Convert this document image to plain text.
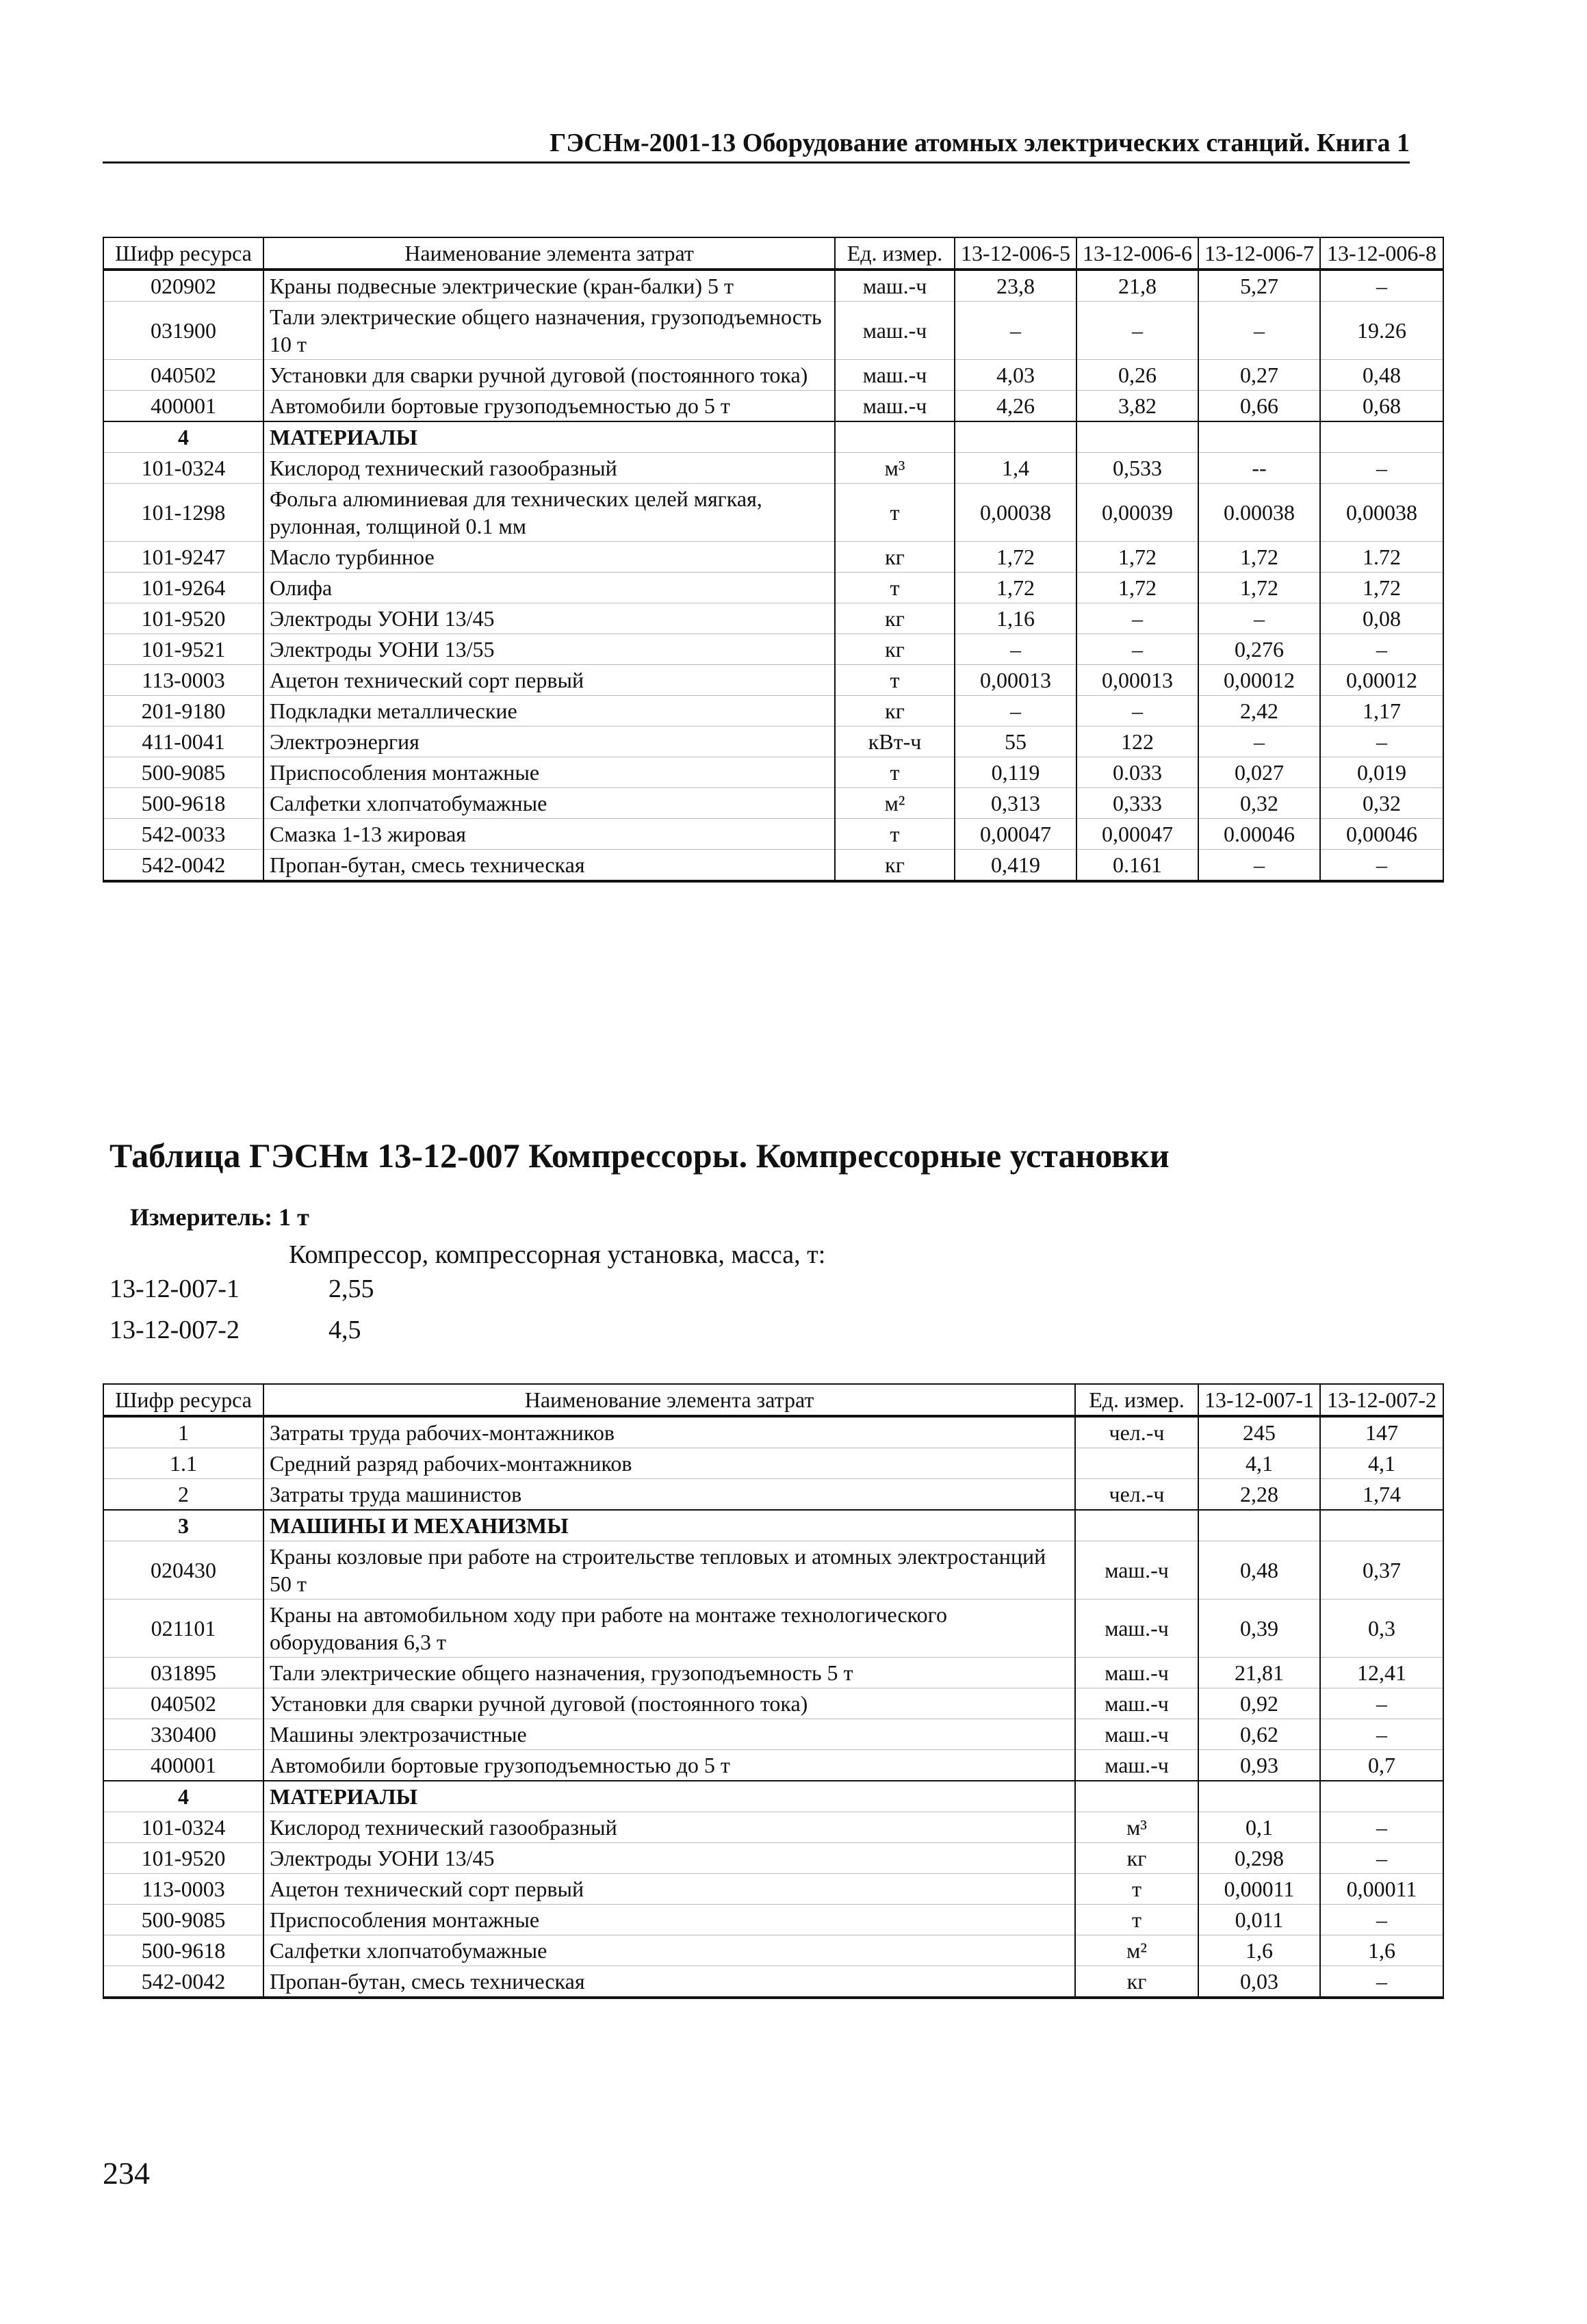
ГЭСНм-2001-13 Оборудование атомных электрических станций. Книга 1
Шифр ресурса	Наименование элемента затрат	Ед. измер.	13-12-006-5	13-12-006-6	13-12-006-7	13-12-006-8
020902	Краны подвесные электрические (кран-балки) 5 т	маш.-ч	23,8	21,8	5,27	–
031900	Тали электрические общего назначения, грузоподъемность 10 т	маш.-ч	–	–	–	19.26
040502	Установки для сварки ручной дуговой (постоянного тока)	маш.-ч	4,03	0,26	0,27	0,48
400001	Автомобили бортовые грузоподъемностью до 5 т	маш.-ч	4,26	3,82	0,66	0,68
4	МАТЕРИАЛЫ					
101-0324	Кислород технический газообразный	м³	1,4	0,533	--	–
101-1298	Фольга алюминиевая для технических целей мягкая, рулонная, толщиной 0.1 мм	т	0,00038	0,00039	0.00038	0,00038
101-9247	Масло турбинное	кг	1,72	1,72	1,72	1.72
101-9264	Олифа	т	1,72	1,72	1,72	1,72
101-9520	Электроды УОНИ 13/45	кг	1,16	–	–	0,08
101-9521	Электроды УОНИ 13/55	кг	–	–	0,276	–
113-0003	Ацетон технический сорт первый	т	0,00013	0,00013	0,00012	0,00012
201-9180	Подкладки металлические	кг	–	–	2,42	1,17
411-0041	Электроэнергия	кВт-ч	55	122	–	–
500-9085	Приспособления монтажные	т	0,119	0.033	0,027	0,019
500-9618	Салфетки хлопчатобумажные	м²	0,313	0,333	0,32	0,32
542-0033	Смазка 1-13 жировая	т	0,00047	0,00047	0.00046	0,00046
542-0042	Пропан-бутан, смесь техническая	кг	0,419	0.161	–	–
Таблица ГЭСНм 13-12-007 Компрессоры. Компрессорные установки
Измеритель: 1 т
Компрессор, компрессорная установка, масса, т:
13-12-007-1	2,55
13-12-007-2	4,5
Шифр ресурса	Наименование элемента затрат	Ед. измер.	13-12-007-1	13-12-007-2
1	Затраты труда рабочих-монтажников	чел.-ч	245	147
1.1	Средний разряд рабочих-монтажников		4,1	4,1
2	Затраты труда машинистов	чел.-ч	2,28	1,74
3	МАШИНЫ И МЕХАНИЗМЫ			
020430	Краны козловые при работе на строительстве тепловых и атомных электростанций 50 т	маш.-ч	0,48	0,37
021101	Краны на автомобильном ходу при работе на монтаже технологического оборудования 6,3 т	маш.-ч	0,39	0,3
031895	Тали электрические общего назначения, грузоподъемность 5 т	маш.-ч	21,81	12,41
040502	Установки для сварки ручной дуговой (постоянного тока)	маш.-ч	0,92	–
330400	Машины электрозачистные	маш.-ч	0,62	–
400001	Автомобили бортовые грузоподъемностью до 5 т	маш.-ч	0,93	0,7
4	МАТЕРИАЛЫ			
101-0324	Кислород технический газообразный	м³	0,1	–
101-9520	Электроды УОНИ 13/45	кг	0,298	–
113-0003	Ацетон технический сорт первый	т	0,00011	0,00011
500-9085	Приспособления монтажные	т	0,011	–
500-9618	Салфетки хлопчатобумажные	м²	1,6	1,6
542-0042	Пропан-бутан, смесь техническая	кг	0,03	–
234
